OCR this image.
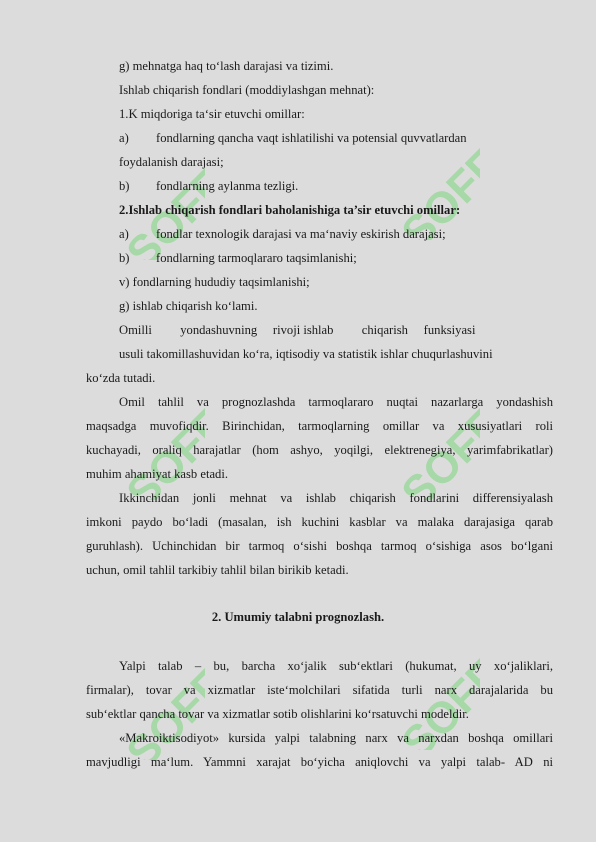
SOFF	SOFF
SOFF	SOFF
SOFF	SOFF
g) mehnatga haq to‘lash darajasi va tizimi.
Ishlab chiqarish fondlari (moddiylashgan mehnat):
1.K miqdoriga ta‘sir etuvchi omillar:
a) fondlarning qancha vaqt ishlatilishi va potensial quvvatlardan
foydalanish darajasi;
b) fondlarning aylanma tezligi.
2.Ishlab chiqarish fondlari baholanishiga ta’sir etuvchi omillar:
a) fondlar texnologik darajasi va ma‘naviy eskirish darajasi;
b) fondlarning tarmoqlararo taqsimlanishi;
v) fondlarning hududiy taqsimlanishi;
g) ishlab chiqarish ko‘lami.
Omilli         yondashuvning     rivoji ishlab         chiqarish     funksiyasi
usuli takomillashuvidan ko‘ra, iqtisodiy va statistik ishlar chuqurlashuvini
ko‘zda tutadi.
Omil tahlil va prognozlashda tarmoqlararo nuqtai nazarlarga yondashish
maqsadga muvofiqdir. Birinchidan, tarmoqlarning omillar va xususiyatlari roli
kuchayadi, oraliq harajatlar (hom ashyo, yoqilgi, elektrenegiya, yarimfabrikatlar)
muhim ahamiyat kasb etadi.
Ikkinchidan jonli mehnat va ishlab chiqarish fondlarini differensiyalash
imkoni paydo bo‘ladi (masalan, ish kuchini kasblar va malaka darajasiga qarab
guruhlash). Uchinchidan bir tarmoq o‘sishi boshqa tarmoq o‘sishiga asos bo‘lgani
uchun, omil tahlil tarkibiy tahlil bilan birikib ketadi.
2. Umumiy talabni prognozlash.
Yalpi talab – bu, barcha xo‘jalik sub‘ektlari (hukumat, uy xo‘jaliklari,
firmalar), tovar va xizmatlar iste‘molchilari sifatida turli narx darajalarida bu
sub‘ektlar qancha tovar va xizmatlar sotib olishlarini ko‘rsatuvchi modeldir.
«Makroiktisodiyot» kursida yalpi talabning narx va narxdan boshqa omillari
mavjudligi ma‘lum. Yammni xarajat bo‘yicha aniqlovchi va yalpi talab- AD ni
